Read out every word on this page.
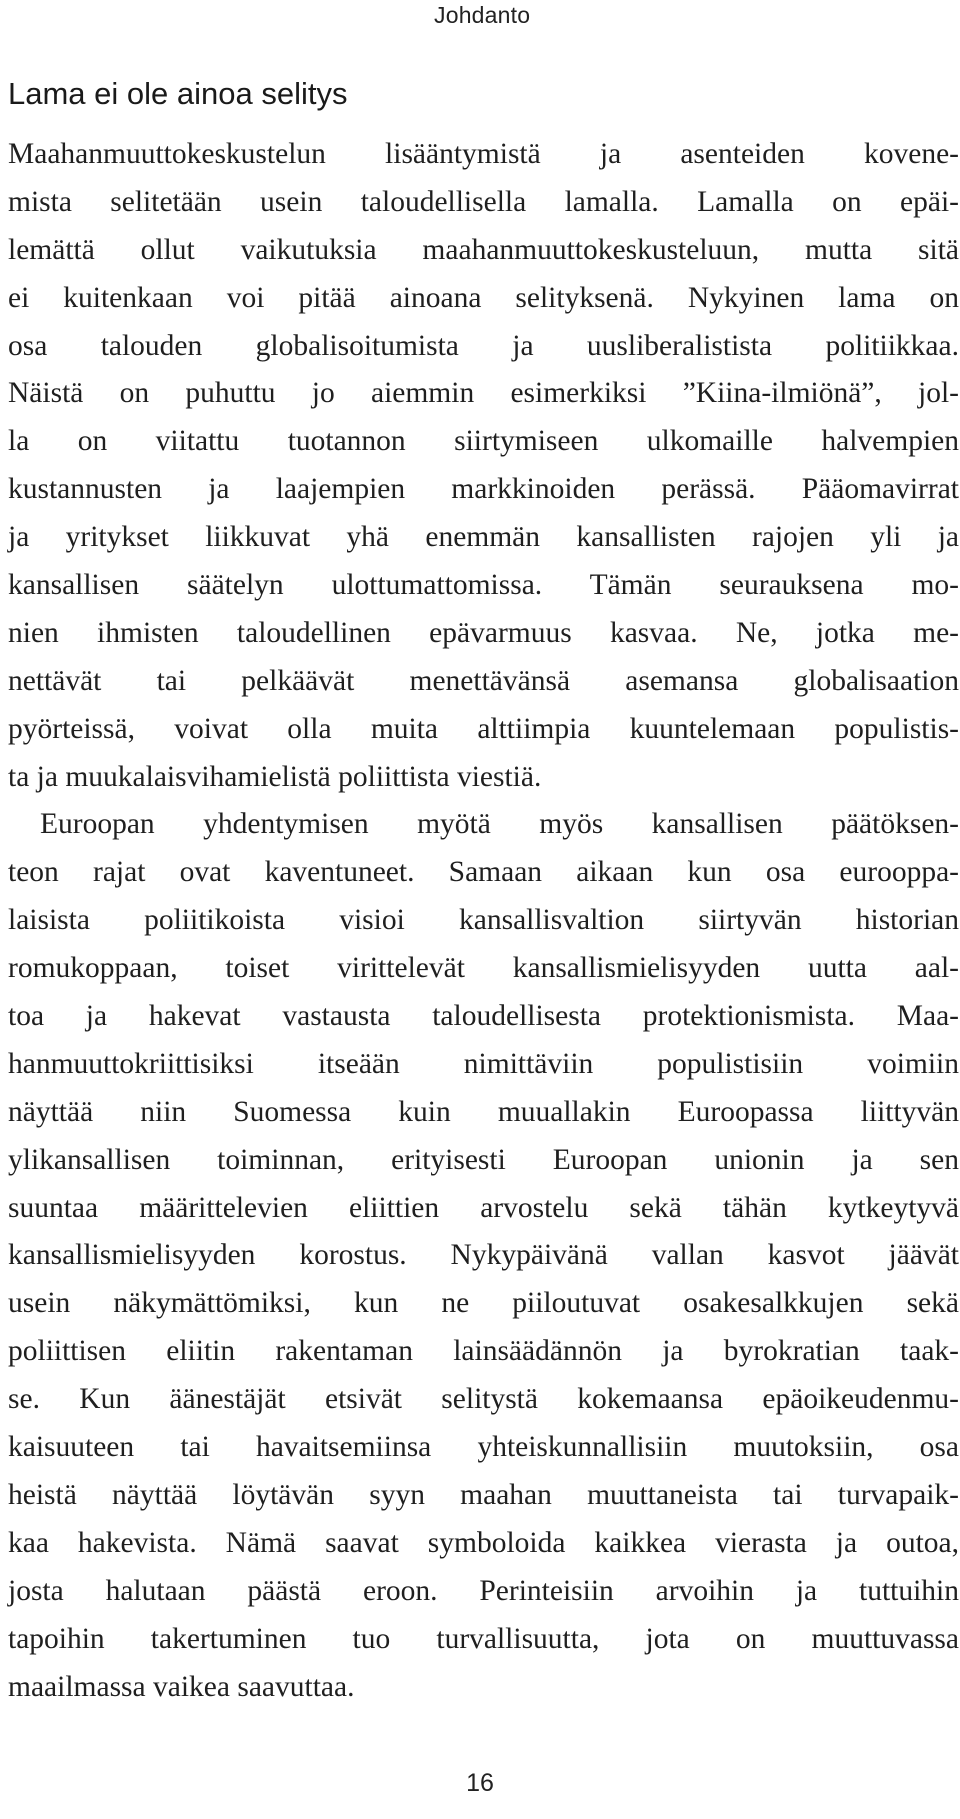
Johdanto
Lama ei ole ainoa selitys
Maahanmuuttokeskustelun lisääntymistä ja asenteiden kovene-
mista selitetään usein taloudellisella lamalla. Lamalla on epäi-
lemättä ollut vaikutuksia maahanmuuttokeskusteluun, mutta sitä
ei kuitenkaan voi pitää ainoana selityksenä. Nykyinen lama on
osa talouden globalisoitumista ja uusliberalistista politiikkaa.
Näistä on puhuttu jo aiemmin esimerkiksi ”Kiina-ilmiönä”, jol-
la on viitattu tuotannon siirtymiseen ulkomaille halvempien
kustannusten ja laajempien markkinoiden perässä. Pääomavirrat
ja yritykset liikkuvat yhä enemmän kansallisten rajojen yli ja
kansallisen säätelyn ulottumattomissa. Tämän seurauksena mo-
nien ihmisten taloudellinen epävarmuus kasvaa. Ne, jotka me-
nettävät tai pelkäävät menettävänsä asemansa globalisaation
pyörteissä, voivat olla muita alttiimpia kuuntelemaan populistis-
ta ja muukalaisvihamielistä poliittista viestiä.
Euroopan yhdentymisen myötä myös kansallisen päätöksen-
teon rajat ovat kaventuneet. Samaan aikaan kun osa eurooppa-
laisista poliitikoista visioi kansallisvaltion siirtyvän historian
romukoppaan, toiset virittelevät kansallismielisyyden uutta aal-
toa ja hakevat vastausta taloudellisesta protektionismista. Maa-
hanmuuttokriittisiksi itseään nimittäviin populistisiin voimiin
näyttää niin Suomessa kuin muuallakin Euroopassa liittyvän
ylikansallisen toiminnan, erityisesti Euroopan unionin ja sen
suuntaa määrittelevien eliittien arvostelu sekä tähän kytkeytyvä
kansallismielisyyden korostus. Nykypäivänä vallan kasvot jäävät
usein näkymättömiksi, kun ne piiloutuvat osakesalkkujen sekä
poliittisen eliitin rakentaman lainsäädännön ja byrokratian taak-
se. Kun äänestäjät etsivät selitystä kokemaansa epäoikeudenmu-
kaisuuteen tai havaitsemiinsa yhteiskunnallisiin muutoksiin, osa
heistä näyttää löytävän syyn maahan muuttaneista tai turvapaik-
kaa hakevista. Nämä saavat symboloida kaikkea vierasta ja outoa,
josta halutaan päästä eroon. Perinteisiin arvoihin ja tuttuihin
tapoihin takertuminen tuo turvallisuutta, jota on muuttuvassa
maailmassa vaikea saavuttaa.
16
